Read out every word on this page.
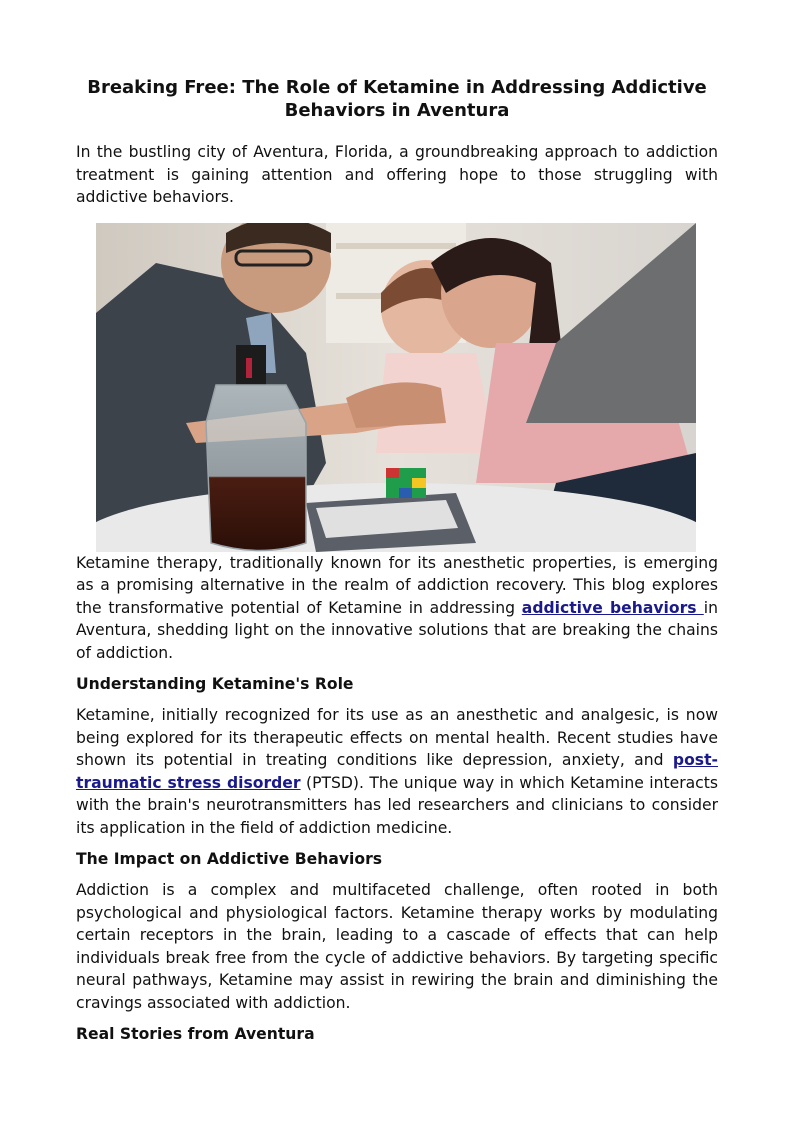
Breaking Free: The Role of Ketamine in Addressing Addictive Behaviors in Aventura

In the bustling city of Aventura, Florida, a groundbreaking approach to addiction treatment is gaining attention and offering hope to those struggling with addictive behaviors.

Ketamine therapy, traditionally known for its anesthetic properties, is emerging as a promising alternative in the realm of addiction recovery. This blog explores the transformative potential of Ketamine in addressing addictive behaviors in Aventura, shedding light on the innovative solutions that are breaking the chains of addiction.

Understanding Ketamine's Role

Ketamine, initially recognized for its use as an anesthetic and analgesic, is now being explored for its therapeutic effects on mental health. Recent studies have shown its potential in treating conditions like depression, anxiety, and post-traumatic stress disorder (PTSD). The unique way in which Ketamine interacts with the brain's neurotransmitters has led researchers and clinicians to consider its application in the field of addiction medicine.

The Impact on Addictive Behaviors

Addiction is a complex and multifaceted challenge, often rooted in both psychological and physiological factors. Ketamine therapy works by modulating certain receptors in the brain, leading to a cascade of effects that can help individuals break free from the cycle of addictive behaviors. By targeting specific neural pathways, Ketamine may assist in rewiring the brain and diminishing the cravings associated with addiction.

Real Stories from Aventura
